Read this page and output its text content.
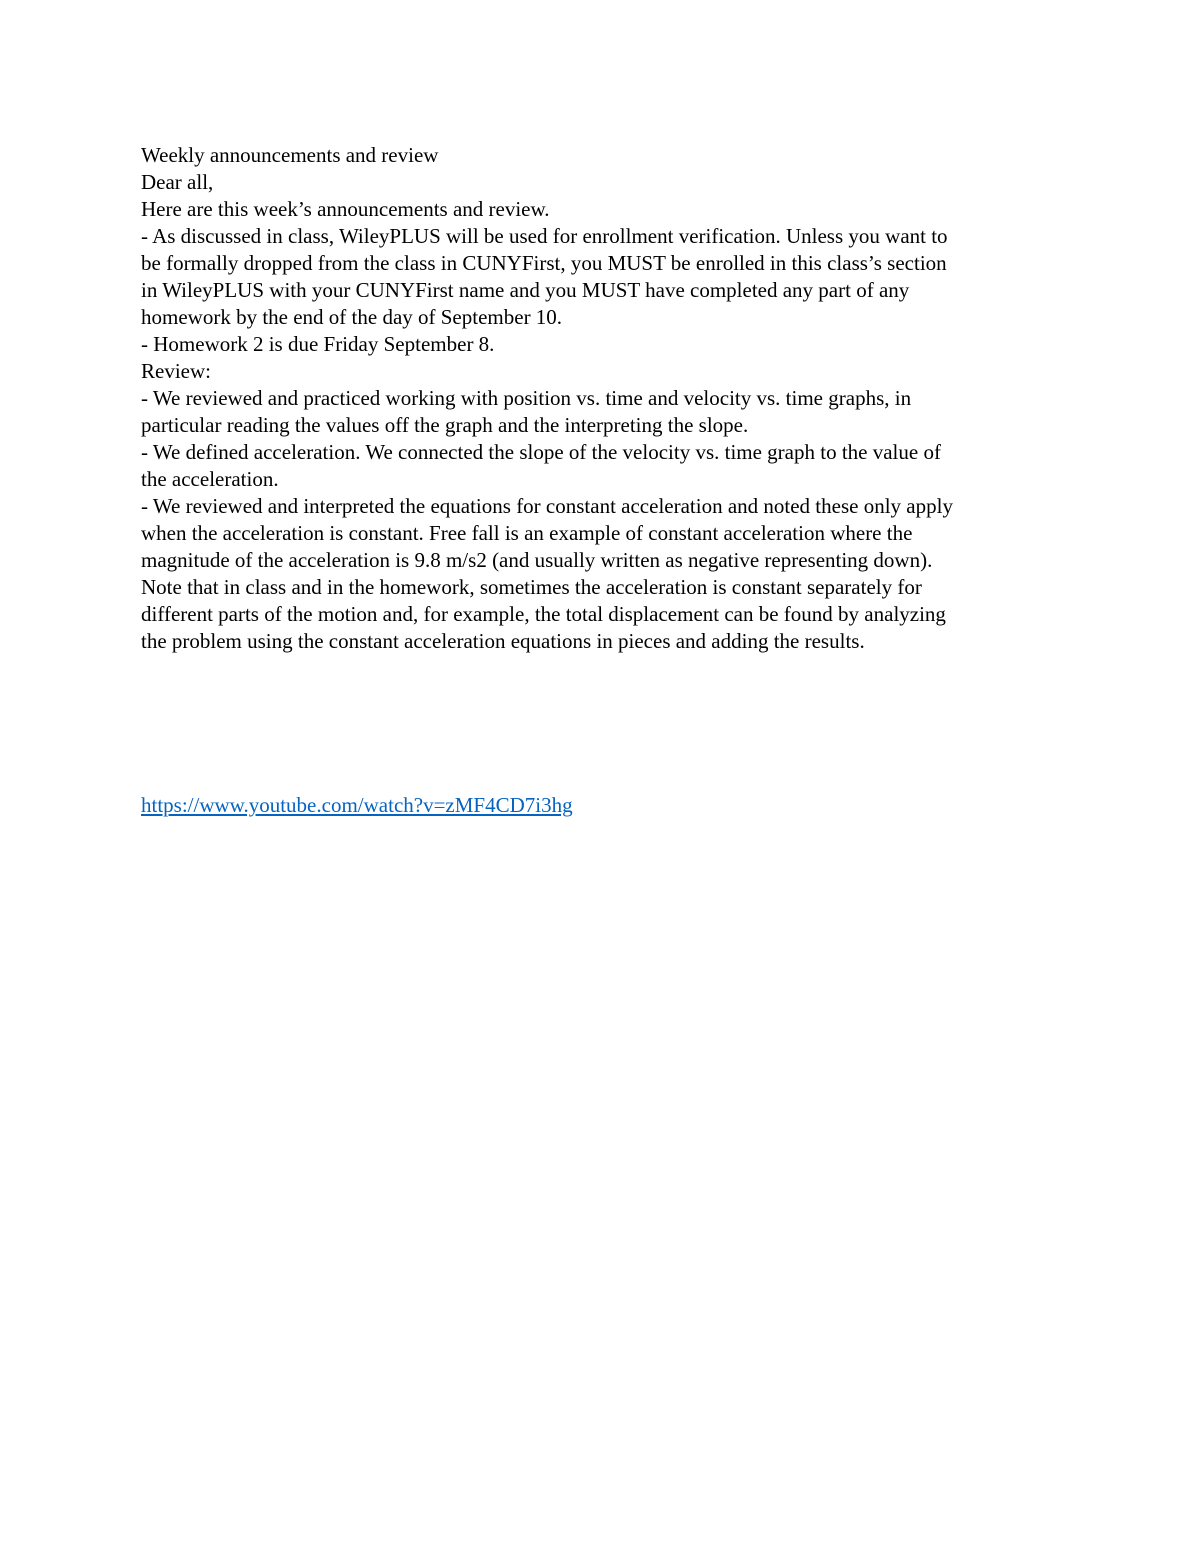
Weekly announcements and review
Dear all,
Here are this week’s announcements and review.
- As discussed in class, WileyPLUS will be used for enrollment verification. Unless you want to
be formally dropped from the class in CUNYFirst, you MUST be enrolled in this class’s section
in WileyPLUS with your CUNYFirst name and you MUST have completed any part of any
homework by the end of the day of September 10.
- Homework 2 is due Friday September 8.
Review:
- We reviewed and practiced working with position vs. time and velocity vs. time graphs, in
particular reading the values off the graph and the interpreting the slope.
- We defined acceleration. We connected the slope of the velocity vs. time graph to the value of
the acceleration.
- We reviewed and interpreted the equations for constant acceleration and noted these only apply
when the acceleration is constant. Free fall is an example of constant acceleration where the
magnitude of the acceleration is 9.8 m/s2 (and usually written as negative representing down).
Note that in class and in the homework, sometimes the acceleration is constant separately for
different parts of the motion and, for example, the total displacement can be found by analyzing
the problem using the constant acceleration equations in pieces and adding the results.
https://www.youtube.com/watch?v=zMF4CD7i3hg
